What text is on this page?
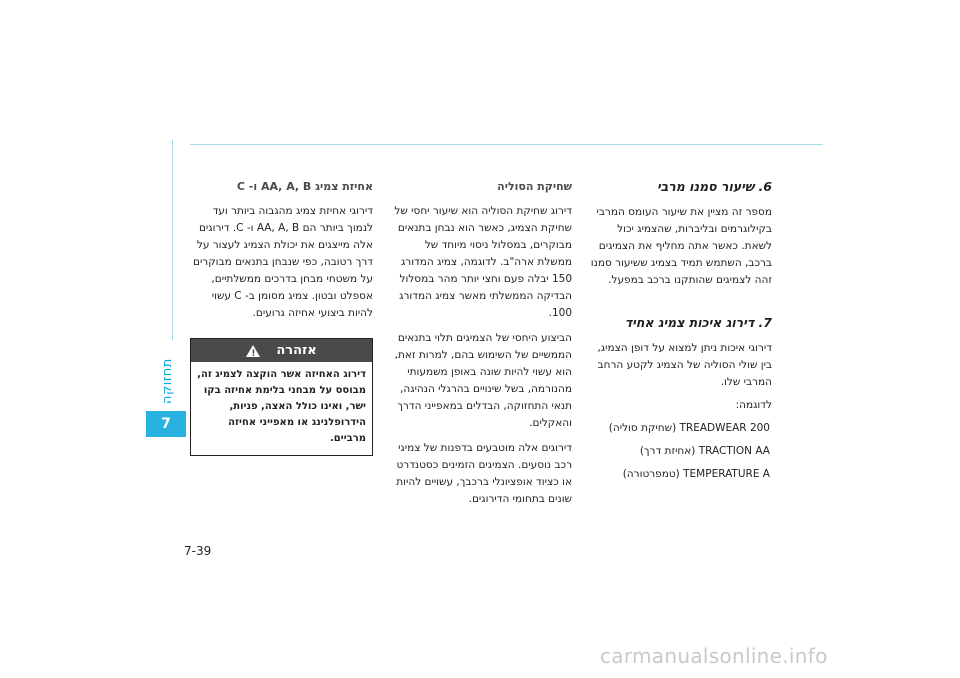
תחזוקה
7
7-39

6. שיעור סמנו מרבי

מספר זה מציין את שיעור העומס המרבי בקילוגרמים ובליברות, שהצמיג יכול לשאת. כאשר אתה מחליף את הצמיגים ברכב, השתמש תמיד בצמיג ששיעור סמנו זהה לצמיגים שהותקנו ברכב במפעל.

7. דירוג איכות צמיג אחיד

דירוגי איכות ניתן למצוא על דופן הצמיג, בין שולי הסוליה של הצמיג לקטע הרחב המרבי שלו.

לדוגמה:

TREADWEAR 200 (שחיקת סוליה)
TRACTION AA (אחיזת דרך)
TEMPERATURE A (טמפרטורה)

שחיקת הסוליה

דירוג שחיקת הסוליה הוא שיעור יחסי של שחיקת הצמיג, כאשר הוא נבחן בתנאים מבוקרים, במסלול ניסוי מיוחד של ממשלת ארה"ב. לדוגמה, צמיג המדורג 150 יבלה פעם וחצי יותר מהר במסלול הבדיקה הממשלתי מאשר צמיג המדורג 100.

הביצוע היחסי של הצמיגים תלוי בתנאים הממשיים של השימוש בהם, למרות זאת, הוא עשוי להיות שונה באופן משמעותי מהנורמה, בשל שינויים בהרגלי הנהיגה, תנאי התחזוקה, הבדלים במאפייני הדרך והאקלים.

דירוגים אלה מוטבעים בדפנות של צמיגי רכב נוסעים. הצמיגים הזמינים כסטנדרט או כציוד אופציונלי ברכבך, עשויים להיות שונים בתחומי הדירוגים.

אחיזת צמיג AA, A, B ו- C

דירוגי אחיזת צמיג מהגבוה ביותר ועד לנמוך ביותר הם AA, A, B ו- C. דירוגים אלה מייצגים את יכולת הצמיג לעצור על דרך רטובה, כפי שנבחן בתנאים מבוקרים על משטחי מבחן בדרכים ממשלתיים, אספלט ובטון. צמיג מסומן ב- C עשוי להיות ביצועי אחיזה גרועים.

אזהרה
!
דירוג האחיזה אשר הוקצה לצמיג זה, מבוסס על מבחני בלימת אחיזה בקו ישר, ואינו כולל האצה, פניות, הידרופלנינג או מאפייני אחיזה מרביים.
carmanualsonline.info
